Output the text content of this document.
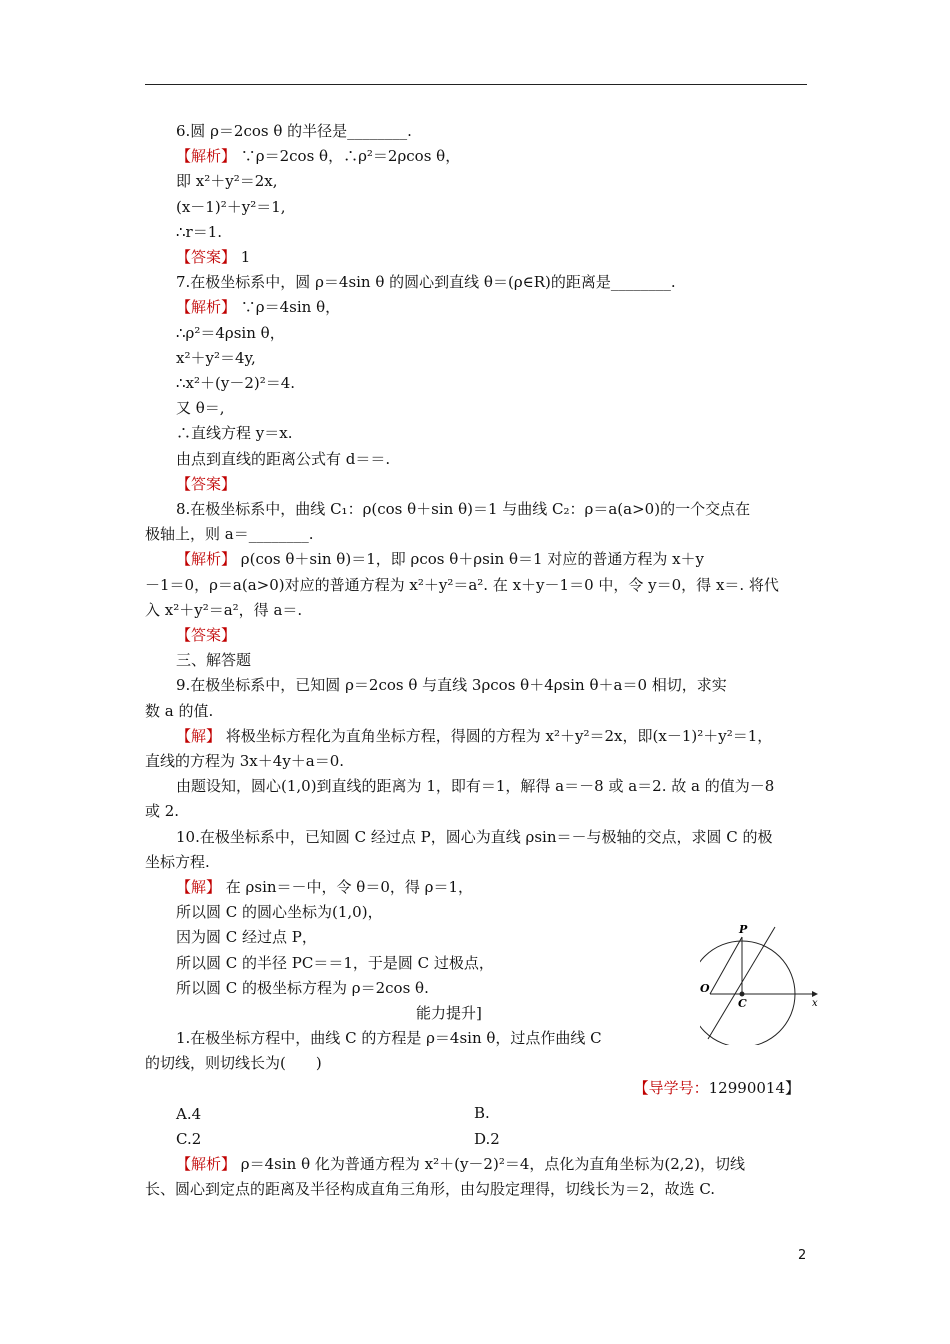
6.圆 ρ＝2cos θ 的半径是________.
【解析】 ∵ρ＝2cos θ，∴ρ²＝2ρcos θ，
即 x²＋y²＝2x,
(x－1)²＋y²＝1,
∴r＝1.
【答案】 1
7.在极坐标系中，圆 ρ＝4sin θ 的圆心到直线 θ＝(ρ∈R)的距离是________.
【解析】 ∵ρ＝4sin θ，
∴ρ²＝4ρsin θ，
x²＋y²＝4y,
∴x²＋(y－2)²＝4.
又 θ＝,
∴直线方程 y＝x.
由点到直线的距离公式有 d＝＝.
【答案】
8.在极坐标系中，曲线 C₁：ρ(cos θ＋sin θ)＝1 与曲线 C₂：ρ＝a(a>0)的一个交点在
极轴上，则 a＝________.
【解析】 ρ(cos θ＋sin θ)＝1，即 ρcos θ＋ρsin θ＝1 对应的普通方程为 x＋y
－1＝0，ρ＝a(a>0)对应的普通方程为 x²＋y²＝a². 在 x＋y－1＝0 中，令 y＝0，得 x＝. 将代
入 x²＋y²＝a²，得 a＝.
【答案】
三、解答题
9.在极坐标系中，已知圆 ρ＝2cos θ 与直线 3ρcos θ＋4ρsin θ＋a＝0 相切，求实
数 a 的值.
【解】 将极坐标方程化为直角坐标方程，得圆的方程为 x²＋y²＝2x，即(x－1)²＋y²＝1，
直线的方程为 3x＋4y＋a＝0.
由题设知，圆心(1,0)到直线的距离为 1，即有＝1，解得 a＝－8 或 a＝2. 故 a 的值为－8
或 2.
10.在极坐标系中，已知圆 C 经过点 P，圆心为直线 ρsin＝－与极轴的交点，求圆 C 的极
坐标方程.
【解】 在 ρsin＝－中，令 θ＝0，得 ρ＝1，
所以圆 C 的圆心坐标为(1,0)，
因为圆 C 经过点 P，
所以圆 C 的半径 PC＝＝1，于是圆 C 过极点，
所以圆 C 的极坐标方程为 ρ＝2cos θ.
能力提升]
1.在极坐标方程中，曲线 C 的方程是 ρ＝4sin θ，过点作曲线 C
的切线，则切线长为(　　)
A.4
C.2
【解析】 ρ＝4sin θ 化为普通方程为 x²＋(y－2)²＝4，点化为直角坐标为(2,2)，切线
长、圆心到定点的距离及半径构成直角三角形，由勾股定理得，切线长为＝2，故选 C.
B.
D.2
【导学号：12990014】
P
O
C	x
2
